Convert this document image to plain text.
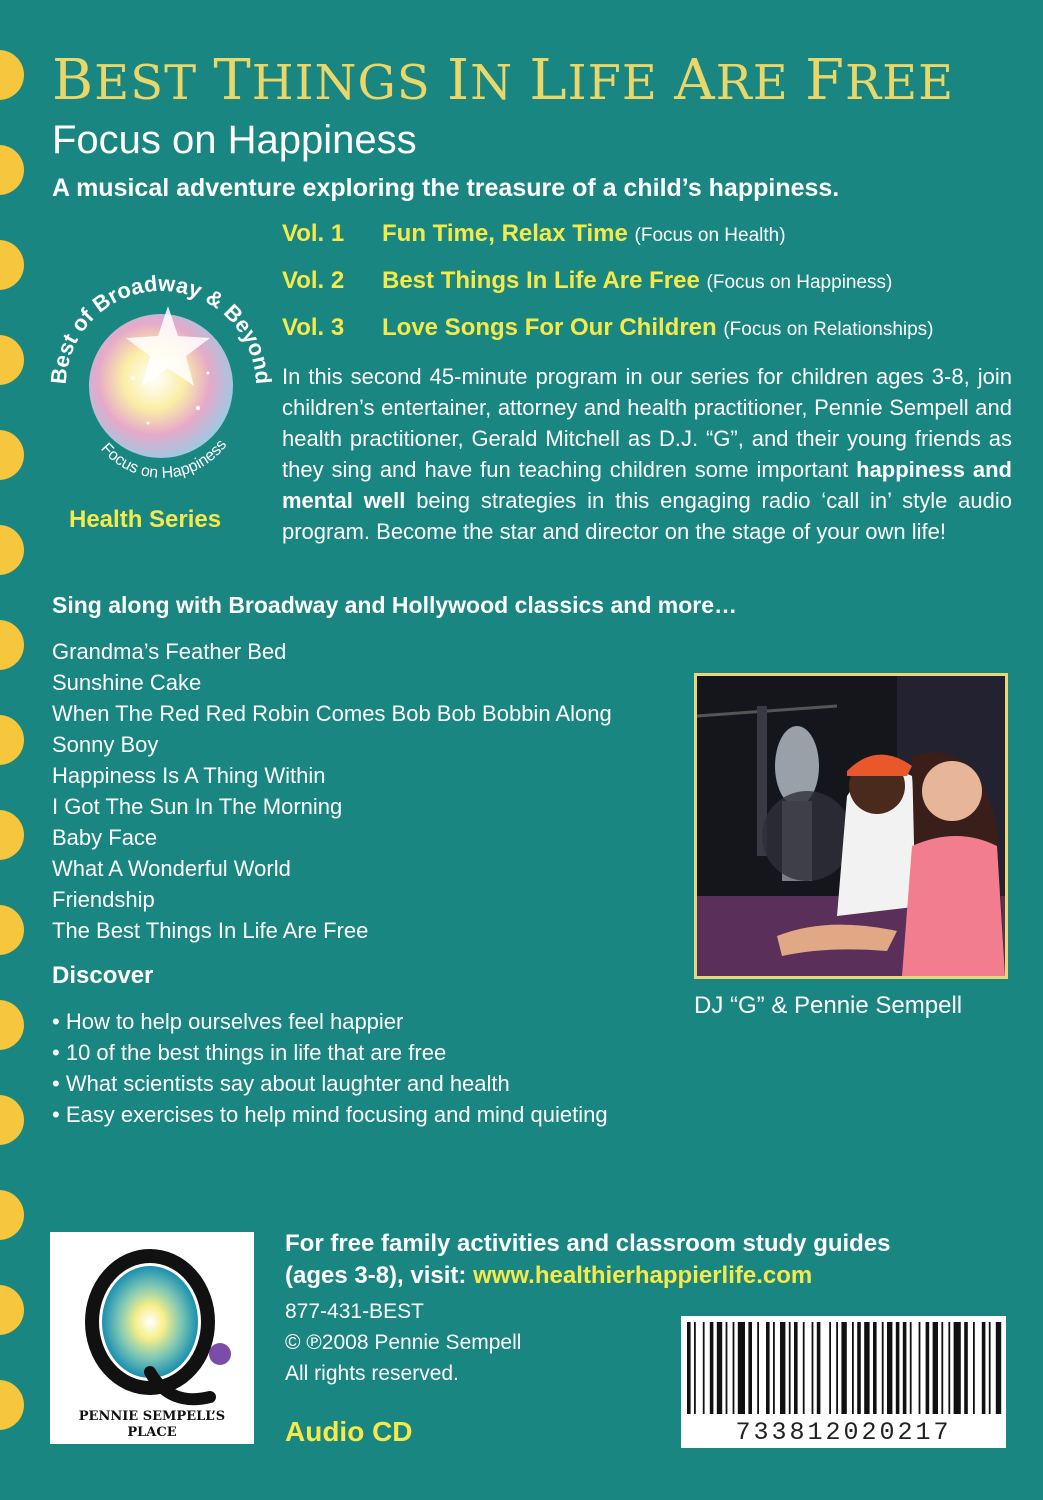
BEST THINGS IN LIFE ARE FREE
Focus on Happiness
A musical adventure exploring the treasure of a child’s happiness.
Vol. 1 Fun Time, Relax Time (Focus on Health)
Vol. 2 Best Things In Life Are Free (Focus on Happiness)
Vol. 3 Love Songs For Our Children (Focus on Relationships)
Best of Broadway & Beyond
Focus on Happiness
Health Series
In this second 45-minute program in our series for children ages 3-8, join children’s entertainer, attorney and health practitioner, Pennie Sempell and health practitioner, Gerald Mitchell as D.J. “G”, and their young friends as they sing and have fun teaching children some important happiness and mental well being strategies in this engaging radio ‘call in’ style audio program. Become the star and director on the stage of your own life!
Sing along with Broadway and Hollywood classics and more…
Grandma’s Feather Bed
Sunshine Cake
When The Red Red Robin Comes Bob Bob Bobbin Along
Sonny Boy
Happiness Is A Thing Within
I Got The Sun In The Morning
Baby Face
What A Wonderful World
Friendship
The Best Things In Life Are Free
Discover
• How to help ourselves feel happier
• 10 of the best things in life that are free
• What scientists say about laughter and health
• Easy exercises to help mind focusing and mind quieting
DJ “G” & Pennie Sempell
PENNIE SEMPELL’S
PLACE
For free family activities and classroom study guides
(ages 3-8), visit: www.healthierhappierlife.com
877-431-BEST
© ℗2008 Pennie Sempell
All rights reserved.
Audio CD	733812020217
